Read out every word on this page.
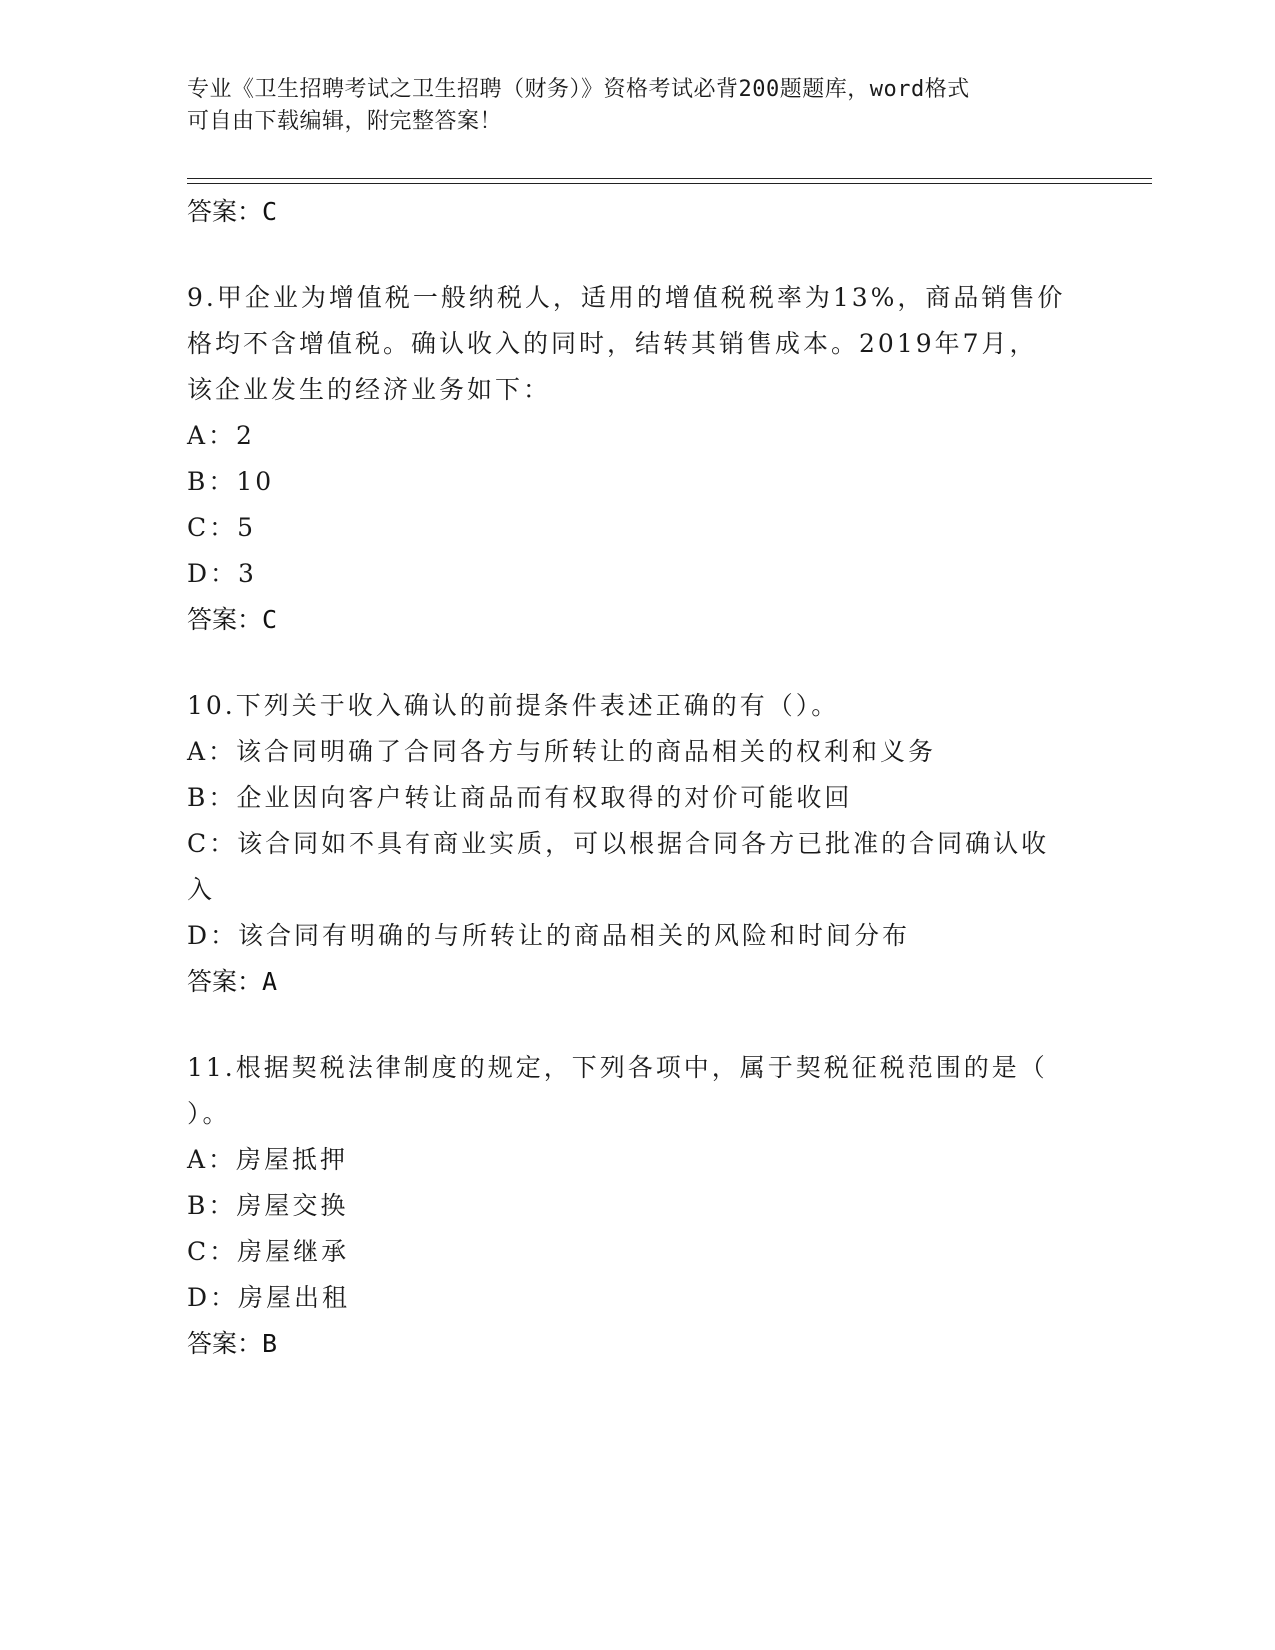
专业《卫生招聘考试之卫生招聘（财务）》资格考试必背200题题库，word格式
可自由下载编辑，附完整答案！
答案：C
9.甲企业为增值税一般纳税人，适用的增值税税率为13%，商品销售价
格均不含增值税。确认收入的同时，结转其销售成本。2019年7月，
该企业发生的经济业务如下：
A：2
B：10
C：5
D：3
答案：C
10.下列关于收入确认的前提条件表述正确的有（）。
A：该合同明确了合同各方与所转让的商品相关的权利和义务
B：企业因向客户转让商品而有权取得的对价可能收回
C：该合同如不具有商业实质，可以根据合同各方已批准的合同确认收
入
D：该合同有明确的与所转让的商品相关的风险和时间分布
答案：A
11.根据契税法律制度的规定，下列各项中，属于契税征税范围的是（
）。
A：房屋抵押
B：房屋交换
C：房屋继承
D：房屋出租
答案：B
